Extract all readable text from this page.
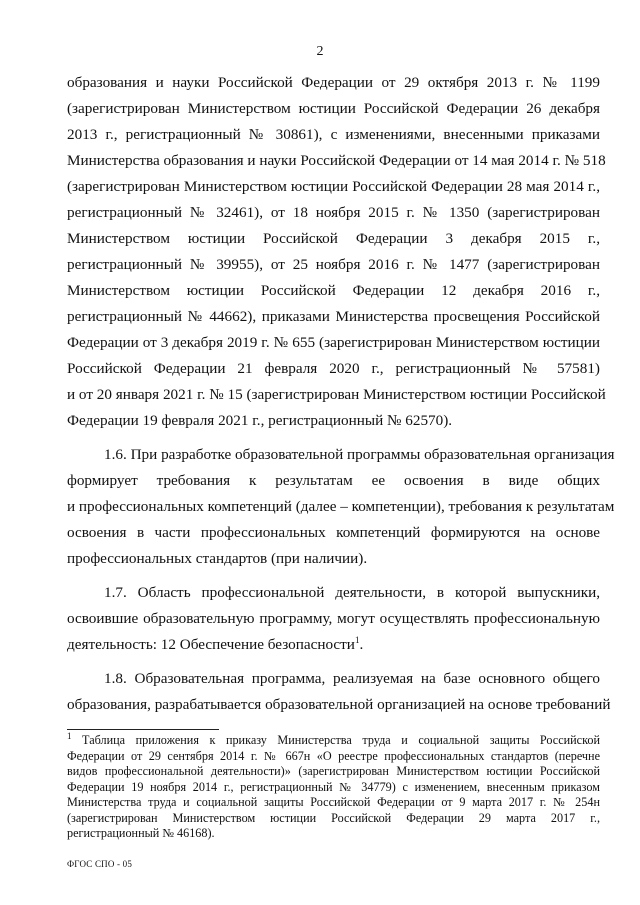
2
образования и науки Российской Федерации от 29 октября 2013 г. № 1199
(зарегистрирован Министерством юстиции Российской Федерации 26 декабря
2013 г., регистрационный № 30861), с изменениями, внесенными приказами
Министерства образования и науки Российской Федерации от 14 мая 2014 г. № 518
(зарегистрирован Министерством юстиции Российской Федерации 28 мая 2014 г.,
регистрационный № 32461), от 18 ноября 2015 г. № 1350 (зарегистрирован
Министерством юстиции Российской Федерации 3 декабря 2015 г.,
регистрационный № 39955), от 25 ноября 2016 г. № 1477 (зарегистрирован
Министерством юстиции Российской Федерации 12 декабря 2016 г.,
регистрационный № 44662), приказами Министерства просвещения Российской
Федерации от 3 декабря 2019 г. № 655 (зарегистрирован Министерством юстиции
Российской Федерации 21 февраля 2020 г., регистрационный № 57581)
и от 20 января 2021 г. № 15 (зарегистрирован Министерством юстиции Российской
Федерации 19 февраля 2021 г., регистрационный № 62570).
1.6. При разработке образовательной программы образовательная организация
формирует требования к результатам ее освоения в виде общих
и профессиональных компетенций (далее – компетенции), требования к результатам
освоения в части профессиональных компетенций формируются на основе
профессиональных стандартов (при наличии).
1.7. Область профессиональной деятельности, в которой выпускники,
освоившие образовательную программу, могут осуществлять профессиональную
деятельность: 12 Обеспечение безопасности$^1$.
1.8. Образовательная программа, реализуемая на базе основного общего
образования, разрабатывается образовательной организацией на основе требований
$^1$ Таблица приложения к приказу Министерства труда и социальной защиты Российской
Федерации от 29 сентября 2014 г. № 667н «О реестре профессиональных стандартов (перечне
видов профессиональной деятельности)» (зарегистрирован Министерством юстиции Российской
Федерации 19 ноября 2014 г., регистрационный № 34779) с изменением, внесенным приказом
Министерства труда и социальной защиты Российской Федерации от 9 марта 2017 г. № 254н
(зарегистрирован Министерством юстиции Российской Федерации 29 марта 2017 г.,
регистрационный № 46168).
ФГОС СПО - 05
